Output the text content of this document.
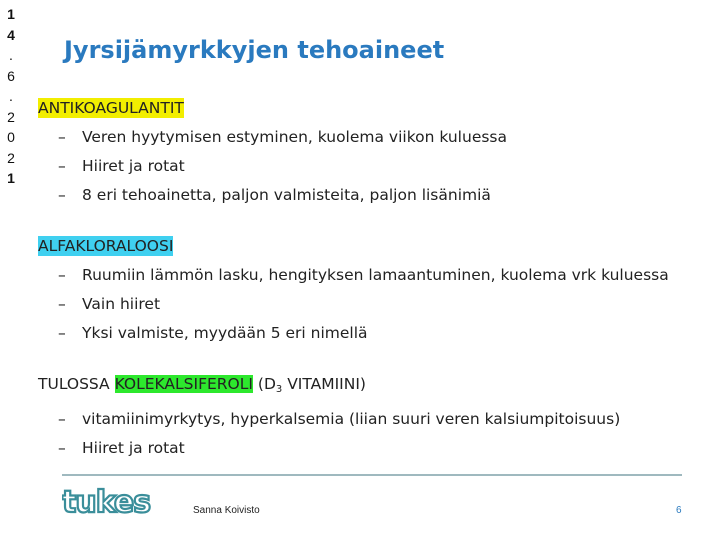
1
4
.
6
.
2
0
2
1
Jyrsijämyrkkyjen tehoaineet
ANTIKOAGULANTIT
– Veren hyytymisen estyminen, kuolema viikon kuluessa
– Hiiret ja rotat
– 8 eri tehoainetta, paljon valmisteita, paljon lisänimiä
ALFAKLORALOOSI
– Ruumiin lämmön lasku, hengityksen lamaantuminen, kuolema vrk kuluessa
– Vain hiiret
– Yksi valmiste, myydään 5 eri nimellä
TULOSSA KOLEKALSIFEROLI ($D_3$ VITAMIINI)
– vitamiinimyrkytys, hyperkalsemia (liian suuri veren kalsiumpitoisuus)
– Hiiret ja rotat
tukes	Sanna Koivisto	6
